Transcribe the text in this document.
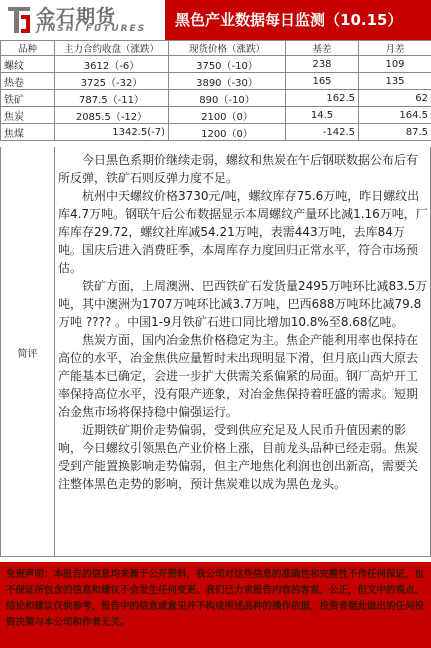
金石期货
JINSHI FUTURES 黑色产业数据每日监测（10.15）
品种	主力合约收盘（涨跌）	现货价格（涨跌）	基差	月差
螺纹	3612（-6）	3750（-10）	238	109
热卷	3725（-32）	3890（-30）	165	135
铁矿	787.5（-11）	890（-10）	162.5	62
焦炭	2085.5（-12）	2100（0）	14.5	164.5
焦煤	1342.5(-7)	1200（0）	-142.5	87.5
简评

今日黑色系期价继续走弱，螺纹和焦炭在午后钢联数据公布后有所反弹，铁矿石则反弹力度不足。

杭州中天螺纹价格3730元/吨，螺纹库存75.6万吨，昨日螺纹出库4.7万吨。钢联午后公布数据显示本周螺纹产量环比减1.16万吨，厂库库存29.72，螺纹社库减54.21万吨，表需443万吨，去库84万吨。国庆后进入消费旺季，本周库存力度回归正常水平，符合市场预估。

铁矿方面，上周澳洲、巴西铁矿石发货量2495万吨环比减83.5万吨，其中澳洲为1707万吨环比减3.7万吨，巴西688万吨环比减79.8万吨 ???? 。中国1-9月铁矿石进口同比增加10.8%至8.68亿吨。

焦炭方面，国内冶金焦价格稳定为主。焦企产能利用率也保持在高位的水平，冶金焦供应量暂时未出现明显下滑，但月底山西大原去产能基本已确定，会进一步扩大供需关系偏紧的局面。钢厂高炉开工率保持高位水平，没有限产迹象，对冶金焦保持着旺盛的需求。短期冶金焦市场将保持稳中偏强运行。

近期铁矿期价走势偏弱，受到供应充足及人民币升值因素的影响，今日螺纹引领黑色产业价格上涨，目前龙头品种已经走弱。焦炭受到产能置换影响走势偏弱，但主产地焦化利润也创出新高，需要关注整体黑色走势的影响，预计焦炭难以成为黑色龙头。

免责声明：本报告的信息均来源于公开资料，我公司对这些信息的准确性和完整性不作任何保证，也不保证所包含的信息和建议不会发生任何变更。我们已力求报告内容的客观、公正，但文中的观点、结论和建议仅供参考，报告中的信息或意见并不构成所述品种的操作依据，投资者据此做出的任何投资决策与本公司和作者无关。
